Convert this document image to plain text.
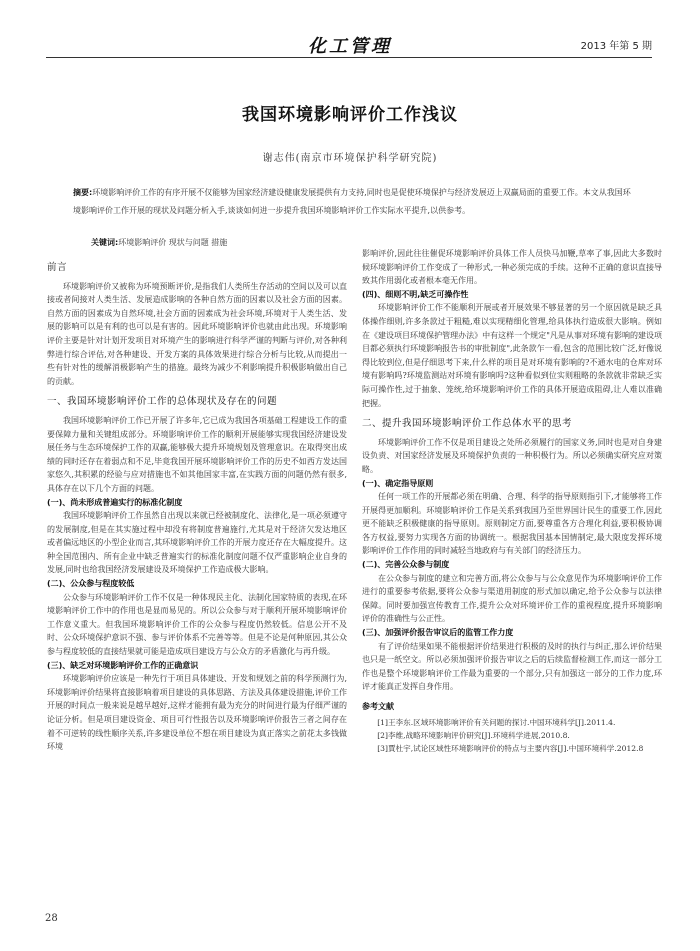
化工管理	2013 年第 5 期
我国环境影响评价工作浅议
谢志伟(南京市环境保护科学研究院)
摘要:环境影响评价工作的有序开展不仅能够为国家经济建设健康发展提供有力支持,同时也是促使环境保护与经济发展迈上双赢局面的重要工作。本文从我国环境影响评价工作开展的现状及问题分析入手,谈谈如何进一步提升我国环境影响评价工作实际水平提升,以供参考。
关键词:环境影响评价 现状与问题 措施
前言

环境影响评价又被称为环境预断评价,是指我们人类所生存活动的空间以及可以直接或者间接对人类生活、发展造成影响的各种自然方面的因素以及社会方面的因素。自然方面的因素成为自然环境,社会方面的因素成为社会环境,环境对于人类生活、发展的影响可以是有利的也可以是有害的。因此环境影响评价也就由此出现。环境影响评价主要是针对计划开发项目对环境产生的影响进行科学严谨的判断与评价,对各种利弊进行综合评估,对各种建设、开发方案的具体效果进行综合分析与比较,从而提出一些有针对性的缓解消极影响产生的措施。最终为减少不利影响提升积极影响做出自己的贡献。

一、我国环境影响评价工作的总体现状及存在的问题

我国环境影响评价工作已开展了许多年,它已成为我国各项基础工程建设工作的重要保障力量和关键组成部分。环境影响评价工作的顺利开展能够实现我国经济建设发展任务与生态环境保护工作的双赢,能够极大提升环境规划及管理意识。在取得突出成绩的同时还存在着弱点和不足,毕竟我国开展环境影响评价工作的历史不如西方发达国家悠久,其积累的经验与应对措施也不如其他国家丰富,在实践方面的问题仍然有很多,具体存在以下几个方面的问题。

(一)、尚未形成普遍实行的标准化制度

我国环境影响评价工作虽然自出现以来就已经被制度化、法律化,是一项必须遵守的发展制度,但是在其实施过程中却没有将制度普遍施行,尤其是对于经济欠发达地区或者偏远地区的小型企业而言,其环境影响评价工作的开展力度还存在大幅度提升。这种全国范围内、所有企业中缺乏普遍实行的标准化制度问题不仅严重影响企业自身的发展,同时也给我国经济发展建设及环境保护工作造成极大影响。

(二)、公众参与程度较低

公众参与环境影响评价工作不仅是一种体现民主化、法制化国家特质的表现,在环境影响评价工作中的作用也是显而易见的。所以公众参与对于顺利开展环境影响评价工作意义重大。但我国环境影响评价工作的公众参与程度仍然较低。信息公开不及时、公众环境保护意识不强、参与评价体系不完善等等。但是不论是何种原因,其公众参与程度较低的直接结果就可能是造成项目建设方与公众方的矛盾激化与再升级。

(三)、缺乏对环境影响评价工作的正确意识

环境影响评价应该是一种先行于项目具体建设、开发和规划之前的科学预测行为,环境影响评价结果将直接影响着项目建设的具体思路、方法及具体建设措施,评价工作开展的时间点一般来说是越早越好,这样才能拥有最为充分的时间进行最为仔细严谨的论证分析。但是项目建设资金、项目可行性报告以及环境影响评价报告三者之间存在着不可逆转的线性顺序关系,许多建设单位不想在项目建设为真正落实之前花太多钱做环境

影响评价,因此往往催促环境影响评价具体工作人员快马加鞭,草率了事,因此大多数时候环境影响评价工作变成了一种形式,一种必须完成的手续。这种不正确的意识直接导致其作用弱化或者根本毫无作用。

(四)、细则不明,缺乏可操作性

环境影响评价工作不能顺利开展或者开展效果不够显著的另一个原因就是缺乏具体操作细则,许多条款过于粗糙,难以实现精细化管理,给具体执行造成很大影响。例如在《建设项目环境保护管理办法》中有这样一个规定"凡是从事对环境有影响的建设项目都必须执行环境影响报告书的审批制度",此条款乍一看,包含的范围比较广泛,好像说得比较到位,但是仔细思考下来,什么样的项目是对环境有影响的?不通水电的仓库对环境有影响吗?环境监测站对环境有影响吗?这种看似到位实则粗略的条款就非常缺乏实际可操作性,过于抽象、笼统,给环境影响评价工作的具体开展造成阻碍,让人难以准确把握。

二、提升我国环境影响评价工作总体水平的思考

环境影响评价工作不仅是项目建设之处所必须履行的国家义务,同时也是对自身建设负责、对国家经济发展及环境保护负责的一种积极行为。所以必须确实研究应对策略。

(一)、确定指导原则

任何一项工作的开展都必须在明确、合理、科学的指导原则指引下,才能够将工作开展得更加顺利。环境影响评价工作是关系到我国乃至世界国计民生的重要工作,因此更不能缺乏积极健康的指导原则。原则制定方面,要尊重各方合理化利益,要积极协调各方权益,要努力实现各方面的协调统一。根据我国基本国情制定,最大限度发挥环境影响评价工作作用的同时减轻当地政府与有关部门的经济压力。

(二)、完善公众参与制度

在公众参与制度的建立和完善方面,将公众参与与公众意见作为环境影响评价工作进行的重要参考依据,要将公众参与渠道用制度的形式加以确定,给予公众参与以法律保障。同时要加强宣传教育工作,提升公众对环境评价工作的重视程度,提升环境影响评价的准确性与公正性。

(三)、加强评价报告审议后的监管工作力度

有了评价结果如果不能根据评价结果进行积极的及时的执行与纠正,那么评价结果也只是一纸空文。所以必须加强评价报告审议之后的后续监督检测工作,而这一部分工作也是整个环境影响评价工作最为重要的一个部分,只有加强这一部分的工作力度,环评才能真正发挥自身作用。

参考文献

[1]王李东.区域环境影响评价有关问题的探讨.中国环境科学[J].2011.4.

[2]李维,战略环境影响评价研究[J].环境科学进展,2010.8.

[3]賈杜宇,试论区域性环境影响评价的特点与主要内容[J].中国环境科学.2012.8

28
